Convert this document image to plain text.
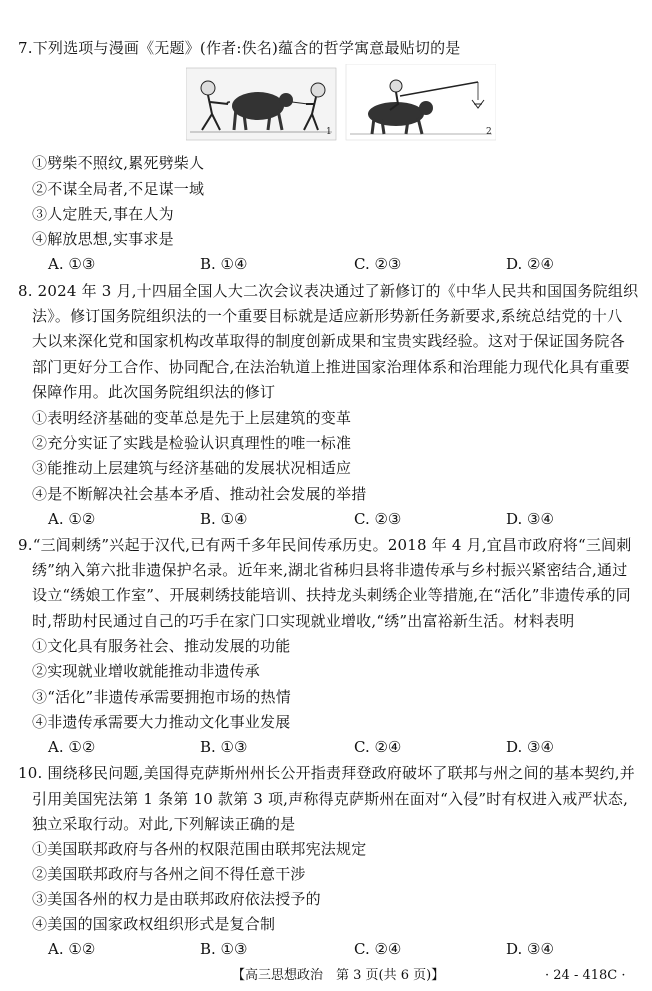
7.下列选项与漫画《无题》(作者:佚名)蕴含的哲学寓意最贴切的是
1	2
①劈柴不照纹,累死劈柴人
②不谋全局者,不足谋一域
③人定胜天,事在人为
④解放思想,实事求是
A. ①③	B. ①④	C. ②③	D. ②④
8. 2024 年 3 月,十四届全国人大二次会议表决通过了新修订的《中华人民共和国国务院组织
法》。修订国务院组织法的一个重要目标就是适应新形势新任务新要求,系统总结党的十八
大以来深化党和国家机构改革取得的制度创新成果和宝贵实践经验。这对于保证国务院各
部门更好分工合作、协同配合,在法治轨道上推进国家治理体系和治理能力现代化具有重要
保障作用。此次国务院组织法的修订
①表明经济基础的变革总是先于上层建筑的变革
②充分实证了实践是检验认识真理性的唯一标准
③能推动上层建筑与经济基础的发展状况相适应
④是不断解决社会基本矛盾、推动社会发展的举措
A. ①②	B. ①④	C. ②③	D. ③④
9.“三闾刺绣”兴起于汉代,已有两千多年民间传承历史。2018 年 4 月,宜昌市政府将“三闾刺
绣”纳入第六批非遗保护名录。近年来,湖北省秭归县将非遗传承与乡村振兴紧密结合,通过
设立“绣娘工作室”、开展刺绣技能培训、扶持龙头刺绣企业等措施,在“活化”非遗传承的同
时,帮助村民通过自己的巧手在家门口实现就业增收,“绣”出富裕新生活。材料表明
①文化具有服务社会、推动发展的功能
②实现就业增收就能推动非遗传承
③“活化”非遗传承需要拥抱市场的热情
④非遗传承需要大力推动文化事业发展
A. ①②	B. ①③	C. ②④	D. ③④
10. 围绕移民问题,美国得克萨斯州州长公开指责拜登政府破坏了联邦与州之间的基本契约,并
引用美国宪法第 1 条第 10 款第 3 项,声称得克萨斯州在面对“入侵”时有权进入戒严状态,
独立采取行动。对此,下列解读正确的是
①美国联邦政府与各州的权限范围由联邦宪法规定
②美国联邦政府与各州之间不得任意干涉
③美国各州的权力是由联邦政府依法授予的
④美国的国家政权组织形式是复合制
A. ①②	B. ①③	C. ②④	D. ③④
【高三思想政治　第 3 页(共 6 页)】	· 24 - 418C ·
